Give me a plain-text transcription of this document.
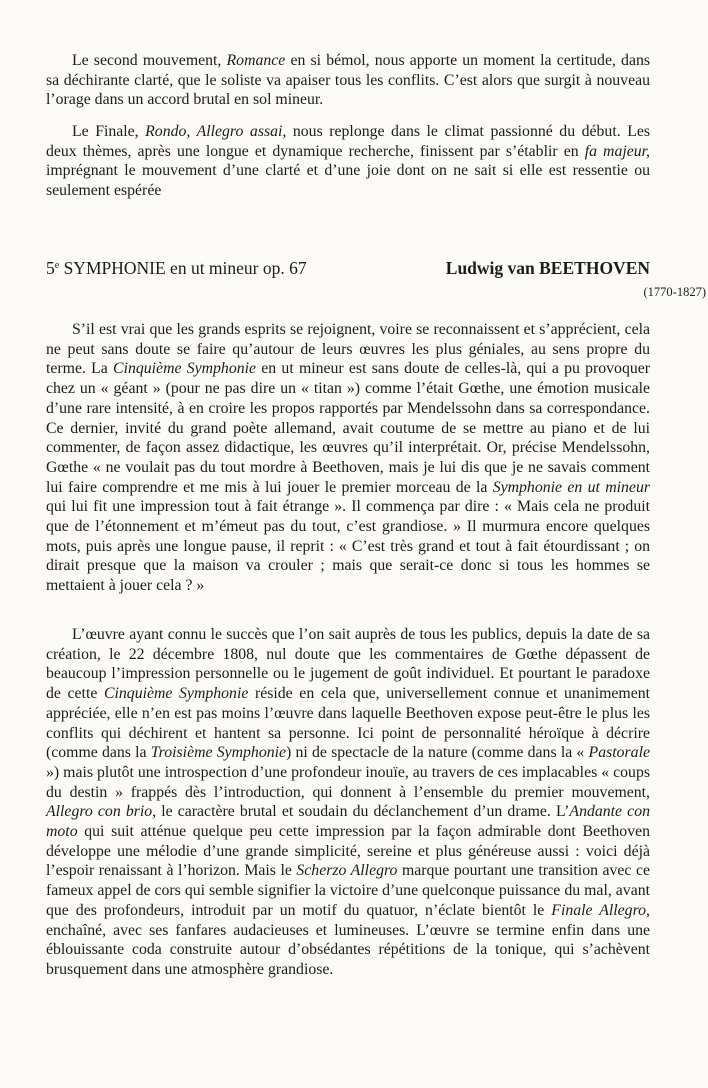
Le second mouvement, Romance en si bémol, nous apporte un moment la certitude, dans sa déchirante clarté, que le soliste va apaiser tous les conflits. C’est alors que surgit à nouveau l’orage dans un accord brutal en sol mineur.

Le Finale, Rondo, Allegro assai, nous replonge dans le climat passionné du début. Les deux thèmes, après une longue et dynamique recherche, finissent par s’établir en fa majeur, imprégnant le mouvement d’une clarté et d’une joie dont on ne sait si elle est ressentie ou seulement espérée

5e SYMPHONIE en ut mineur op. 67	Ludwig van BEETHOVEN
(1770-1827)

S’il est vrai que les grands esprits se rejoignent, voire se reconnaissent et s’apprécient, cela ne peut sans doute se faire qu’autour de leurs œuvres les plus géniales, au sens propre du terme. La Cinquième Symphonie en ut mineur est sans doute de celles-là, qui a pu provoquer chez un « géant » (pour ne pas dire un « titan ») comme l’était Gœthe, une émotion musicale d’une rare intensité, à en croire les propos rapportés par Mendelssohn dans sa correspondance. Ce dernier, invité du grand poète allemand, avait coutume de se mettre au piano et de lui commenter, de façon assez didactique, les œuvres qu’il interprétait. Or, précise Mendelssohn, Gœthe « ne voulait pas du tout mordre à Beethoven, mais je lui dis que je ne savais comment lui faire comprendre et me mis à lui jouer le premier morceau de la Symphonie en ut mineur qui lui fit une impression tout à fait étrange ». Il commença par dire : « Mais cela ne produit que de l’étonnement et m’émeut pas du tout, c’est grandiose. » Il murmura encore quelques mots, puis après une longue pause, il reprit : « C’est très grand et tout à fait étourdissant ; on dirait presque que la maison va crouler ; mais que serait-ce donc si tous les hommes se mettaient à jouer cela ? »

L’œuvre ayant connu le succès que l’on sait auprès de tous les publics, depuis la date de sa création, le 22 décembre 1808, nul doute que les commentaires de Gœthe dépassent de beaucoup l’impression personnelle ou le jugement de goût individuel. Et pourtant le paradoxe de cette Cinquième Symphonie réside en cela que, universellement connue et unanimement appréciée, elle n’en est pas moins l’œuvre dans laquelle Beethoven expose peut-être le plus les conflits qui déchirent et hantent sa personne. Ici point de personnalité héroïque à décrire (comme dans la Troisième Symphonie) ni de spectacle de la nature (comme dans la « Pastorale ») mais plutôt une introspection d’une profondeur inouïe, au travers de ces implacables « coups du destin » frappés dès l’introduction, qui donnent à l’ensemble du premier mouvement, Allegro con brio, le caractère brutal et soudain du déclanchement d’un drame. L’Andante con moto qui suit atténue quelque peu cette impression par la façon admirable dont Beethoven développe une mélodie d’une grande simplicité, sereine et plus généreuse aussi : voici déjà l’espoir renaissant à l’horizon. Mais le Scherzo Allegro marque pourtant une transition avec ce fameux appel de cors qui semble signifier la victoire d’une quelconque puissance du mal, avant que des profondeurs, introduit par un motif du quatuor, n’éclate bientôt le Finale Allegro, enchaîné, avec ses fanfares audacieuses et lumineuses. L’œuvre se termine enfin dans une éblouissante coda construite autour d’obsédantes répétitions de la tonique, qui s’achèvent brusquement dans une atmosphère grandiose.
